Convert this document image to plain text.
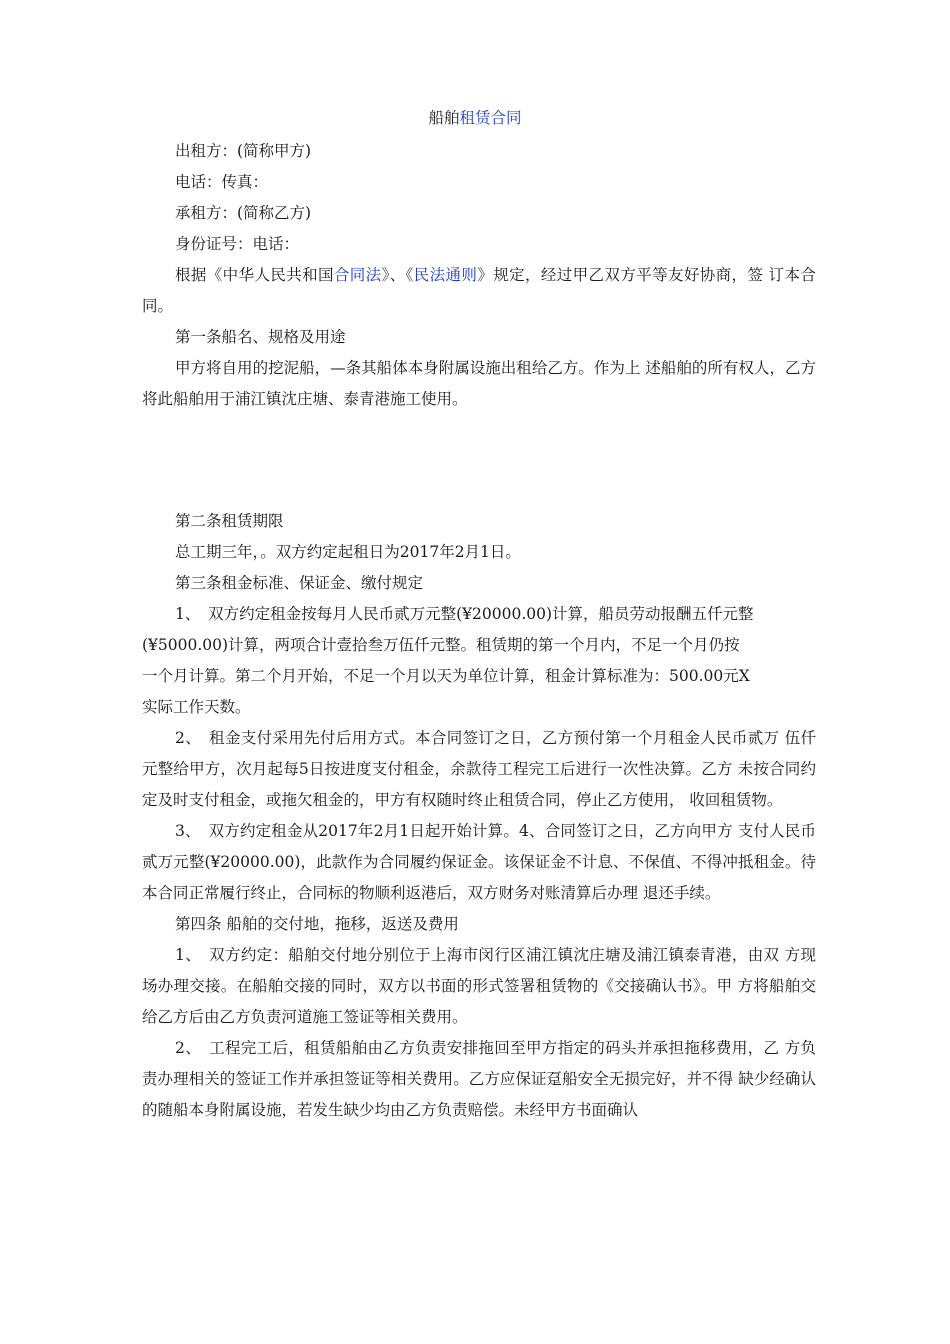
船舶租赁合同
出租方：(简称甲方)
电话：传真：
承租方：(简称乙方)
身份证号：电话：
根据《中华人民共和国合同法》、《民法通则》规定，经过甲乙双方平等友好协商，签 订本合同。
第一条船名、规格及用途
甲方将自用的挖泥船，—条其船体本身附属设施出租给乙方。作为上 述船舶的所有权人，乙方将此船舶用于浦江镇沈庄塘、泰青港施工使用。
第二条租赁期限
总工期三年，。双方约定起租日为2017年2月1日。
第三条租金标准、保证金、缴付规定
1、　双方约定租金按每月人民币贰万元整(¥20000.00)计算，船员劳动报酬五仟元整
(¥5000.00)计算，两项合计壹拾叁万伍仟元整。租赁期的第一个月内，不足一个月仍按
一个月计算。第二个月开始，不足一个月以天为单位计算，租金计算标准为：500.00元X
实际工作天数。
2、　租金支付采用先付后用方式。本合同签订之日，乙方预付第一个月租金人民币贰万 伍仟元整给甲方，次月起每5日按进度支付租金，余款待工程完工后进行一次性决算。乙方 未按合同约定及时支付租金，或拖欠租金的，甲方有权随时终止租赁合同，停止乙方使用， 收回租赁物。
3、　双方约定租金从2017年2月1日起开始计算。4、合同签订之日，乙方向甲方 支付人民币贰万元整(¥20000.00)，此款作为合同履约保证金。该保证金不计息、不保值、不得冲抵租金。待本合同正常履行终止，合同标的物顺利返港后，双方财务对账清算后办理 退还手续。
第四条 船舶的交付地，拖移，返送及费用
1、　双方约定：船舶交付地分别位于上海市闵行区浦江镇沈庄塘及浦江镇泰青港，由双 方现场办理交接。在船舶交接的同时，双方以书面的形式签署租赁物的《交接确认书》。甲 方将船舶交给乙方后由乙方负责河道施工签证等相关费用。
2、　工程完工后，租赁船舶由乙方负责安排拖回至甲方指定的码头并承担拖移费用，乙 方负责办理相关的签证工作并承担签证等相关费用。乙方应保证趸船安全无损完好，并不得 缺少经确认的随船本身附属设施，若发生缺少均由乙方负责赔偿。未经甲方书面确认
